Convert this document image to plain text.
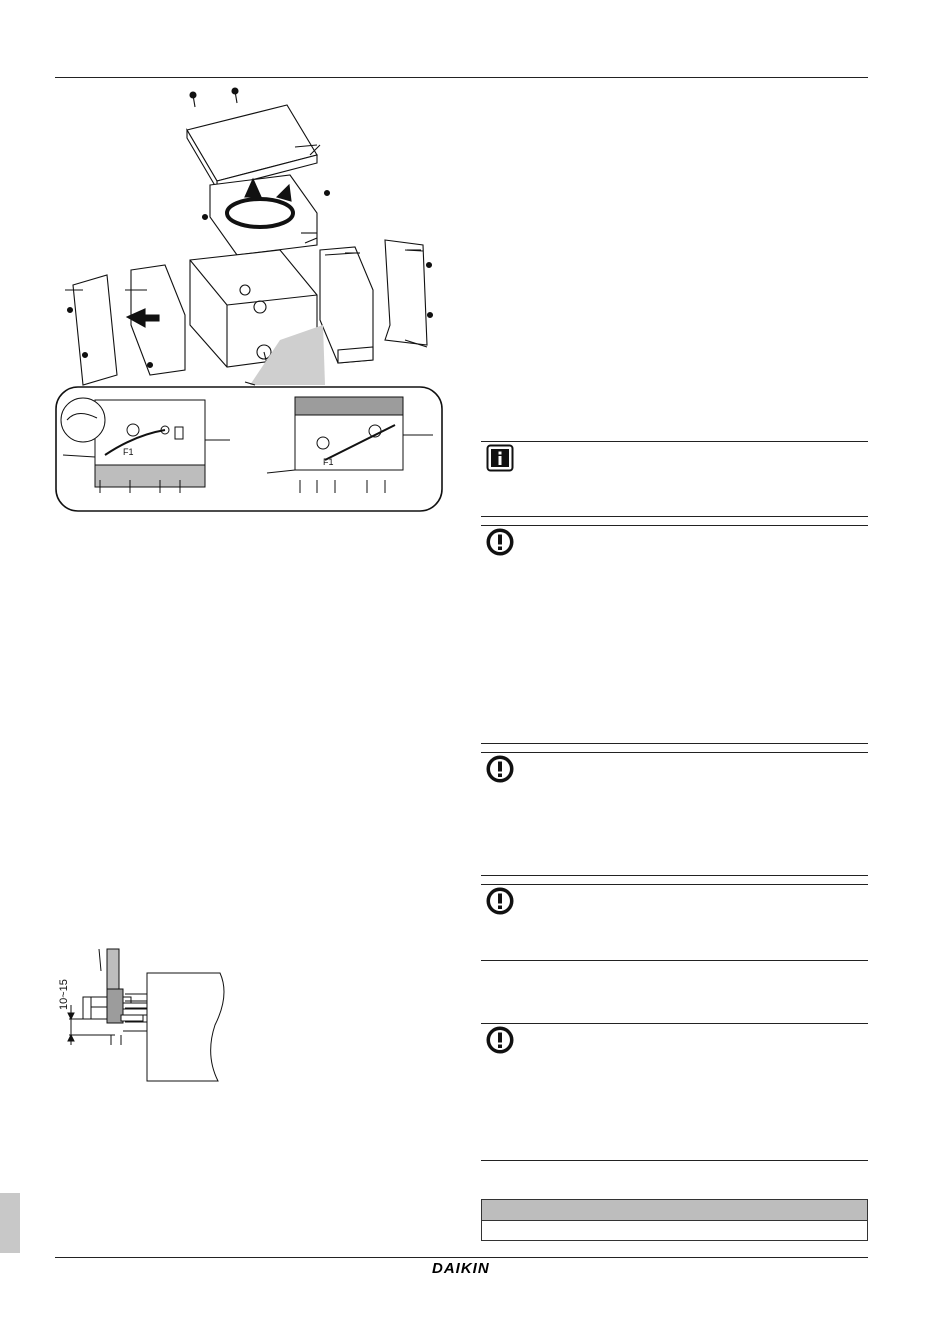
F1
F1
10~15
DAIKIN
